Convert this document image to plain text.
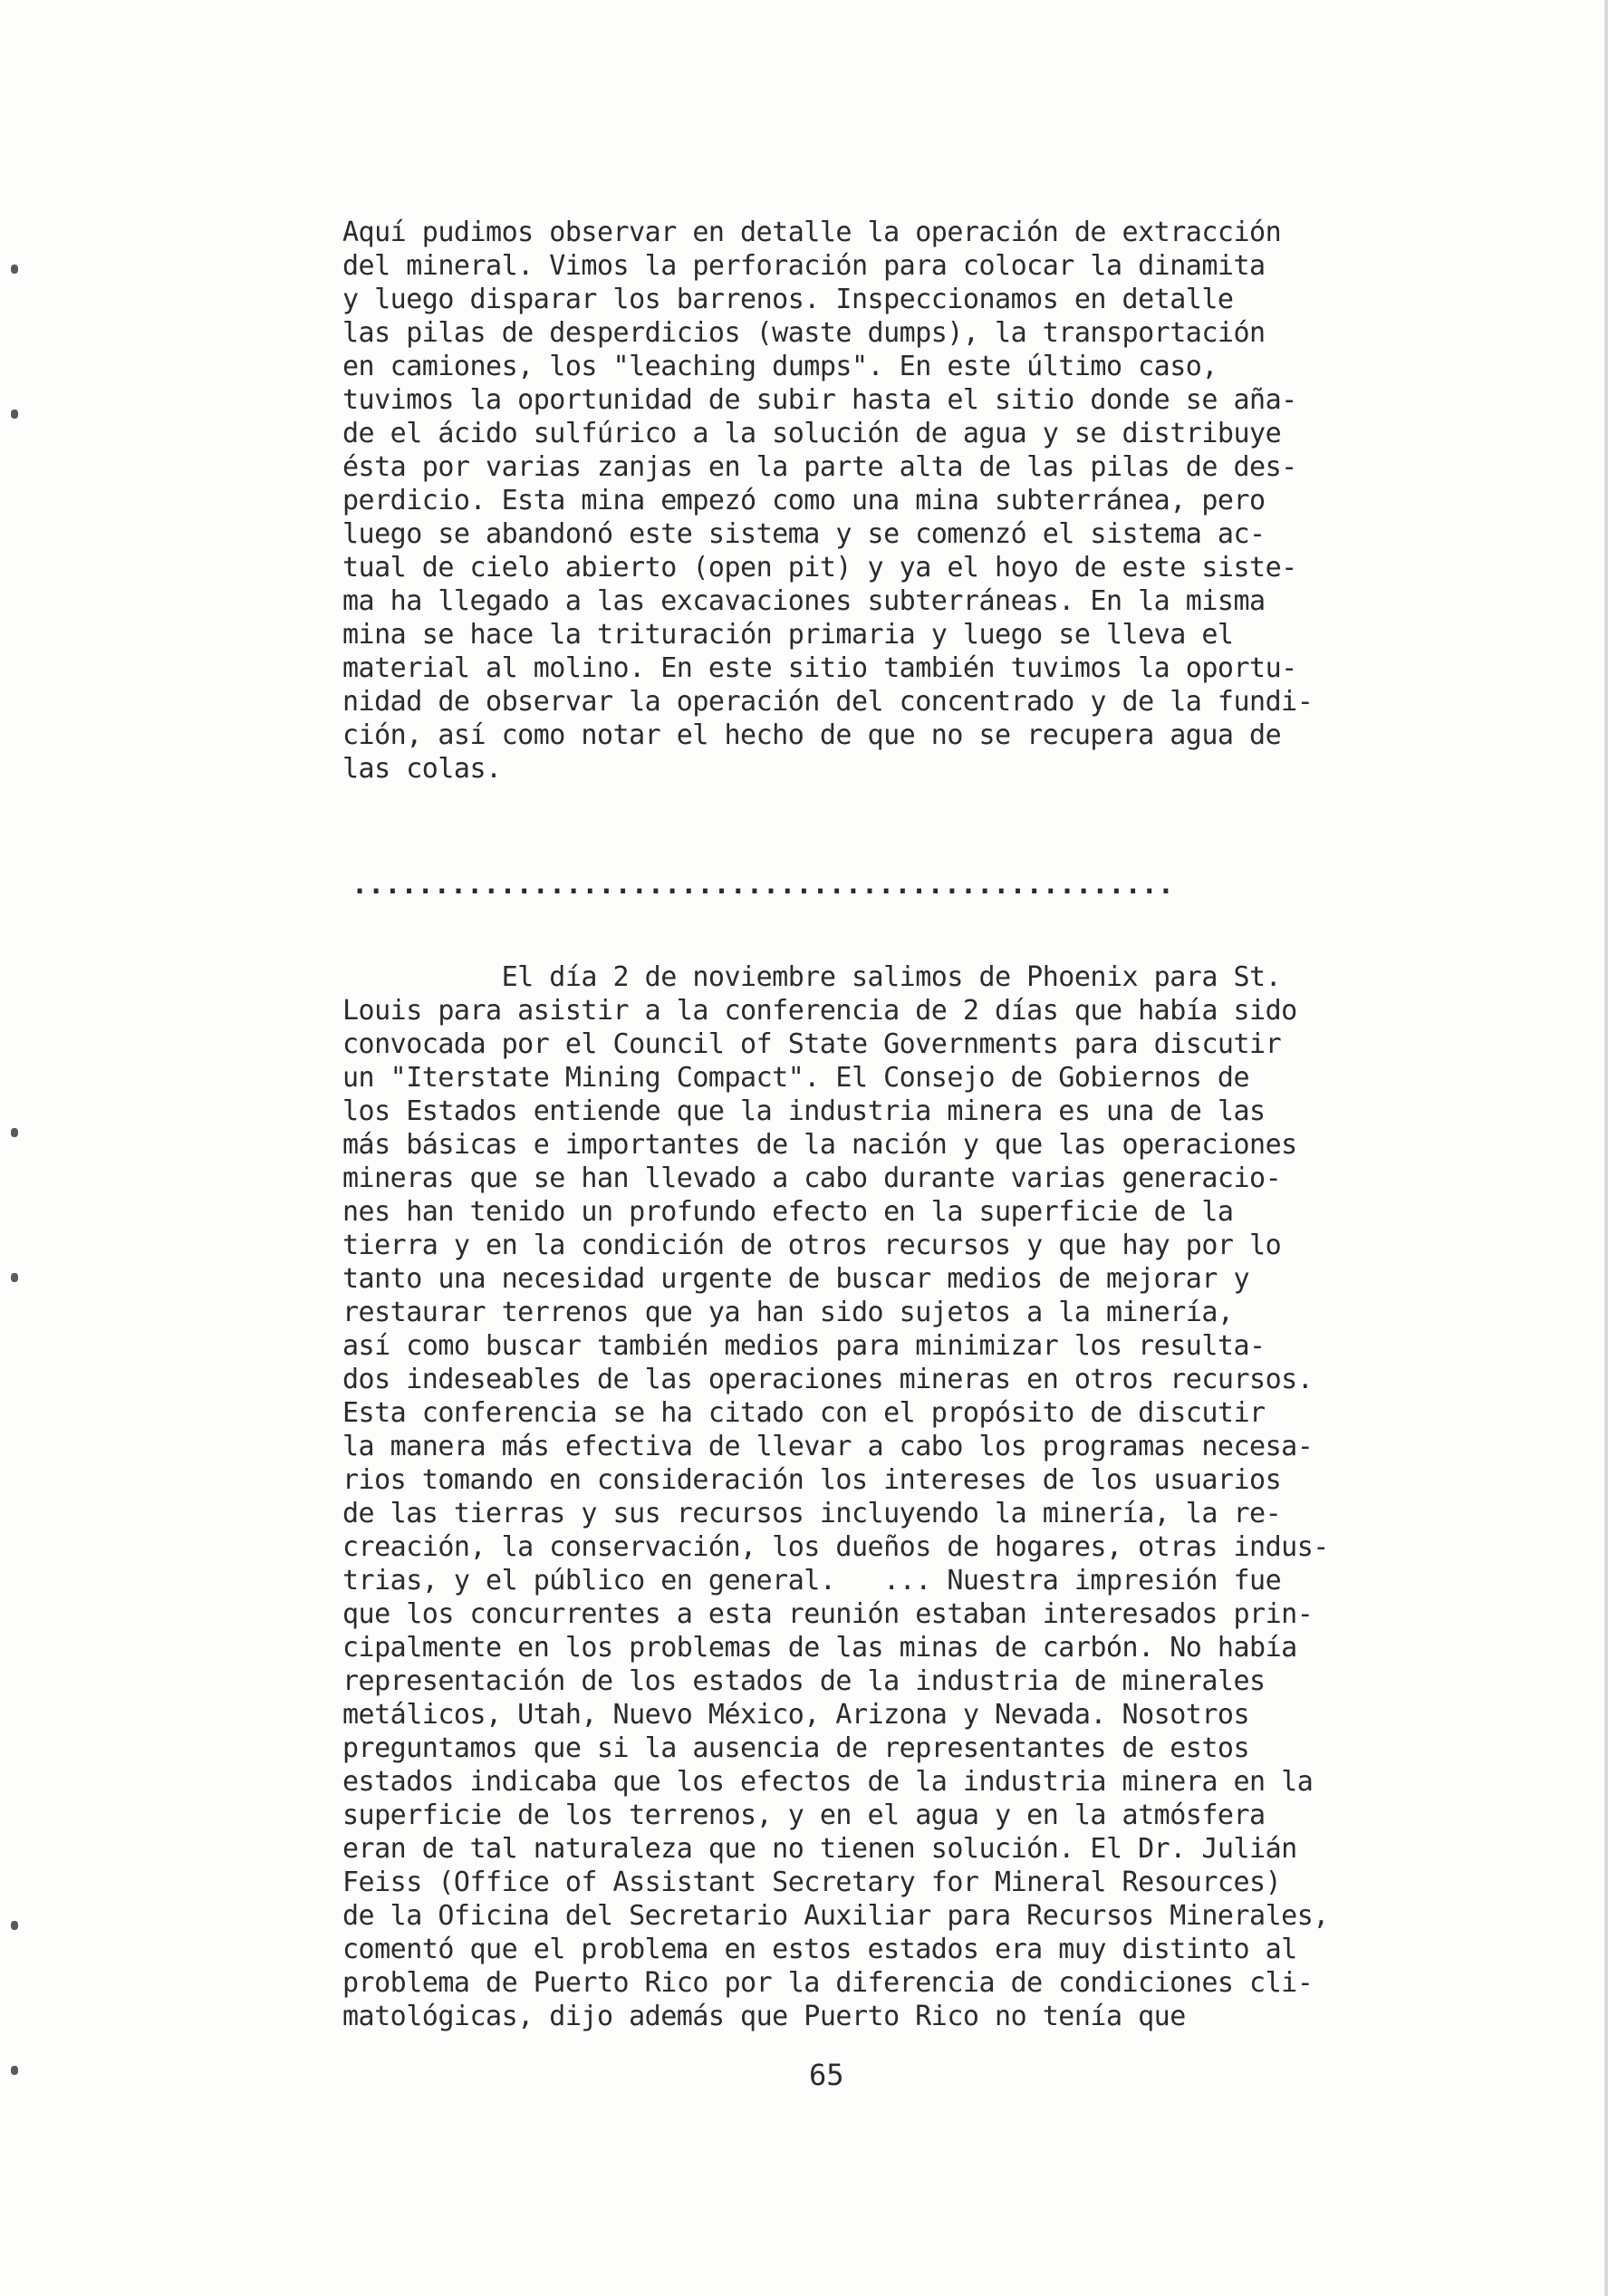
Aquí pudimos observar en detalle la operación de extracción
del mineral. Vimos la perforación para colocar la dinamita
y luego disparar los barrenos. Inspeccionamos en detalle
las pilas de desperdicios (waste dumps), la transportación
en camiones, los "leaching dumps". En este último caso,
tuvimos la oportunidad de subir hasta el sitio donde se aña-
de el ácido sulfúrico a la solución de agua y se distribuye
ésta por varias zanjas en la parte alta de las pilas de des-
perdicio. Esta mina empezó como una mina subterránea, pero
luego se abandonó este sistema y se comenzó el sistema ac-
tual de cielo abierto (open pit) y ya el hoyo de este siste-
ma ha llegado a las excavaciones subterráneas. En la misma
mina se hace la trituración primaria y luego se lleva el
material al molino. En este sitio también tuvimos la oportu-
nidad de observar la operación del concentrado y de la fundi-
ción, así como notar el hecho de que no se recupera agua de
las colas.
..................................................
El día 2 de noviembre salimos de Phoenix para St.
Louis para asistir a la conferencia de 2 días que había sido
convocada por el Council of State Governments para discutir
un "Iterstate Mining Compact". El Consejo de Gobiernos de
los Estados entiende que la industria minera es una de las
más básicas e importantes de la nación y que las operaciones
mineras que se han llevado a cabo durante varias generacio-
nes han tenido un profundo efecto en la superficie de la
tierra y en la condición de otros recursos y que hay por lo
tanto una necesidad urgente de buscar medios de mejorar y
restaurar terrenos que ya han sido sujetos a la minería,
así como buscar también medios para minimizar los resulta-
dos indeseables de las operaciones mineras en otros recursos.
Esta conferencia se ha citado con el propósito de discutir
la manera más efectiva de llevar a cabo los programas necesa-
rios tomando en consideración los intereses de los usuarios
de las tierras y sus recursos incluyendo la minería, la re-
creación, la conservación, los dueños de hogares, otras indus-
trias, y el público en general.   ... Nuestra impresión fue
que los concurrentes a esta reunión estaban interesados prin-
cipalmente en los problemas de las minas de carbón. No había
representación de los estados de la industria de minerales
metálicos, Utah, Nuevo México, Arizona y Nevada. Nosotros
preguntamos que si la ausencia de representantes de estos
estados indicaba que los efectos de la industria minera en la
superficie de los terrenos, y en el agua y en la atmósfera
eran de tal naturaleza que no tienen solución. El Dr. Julián
Feiss (Office of Assistant Secretary for Mineral Resources)
de la Oficina del Secretario Auxiliar para Recursos Minerales,
comentó que el problema en estos estados era muy distinto al
problema de Puerto Rico por la diferencia de condiciones cli-
matológicas, dijo además que Puerto Rico no tenía que
65
